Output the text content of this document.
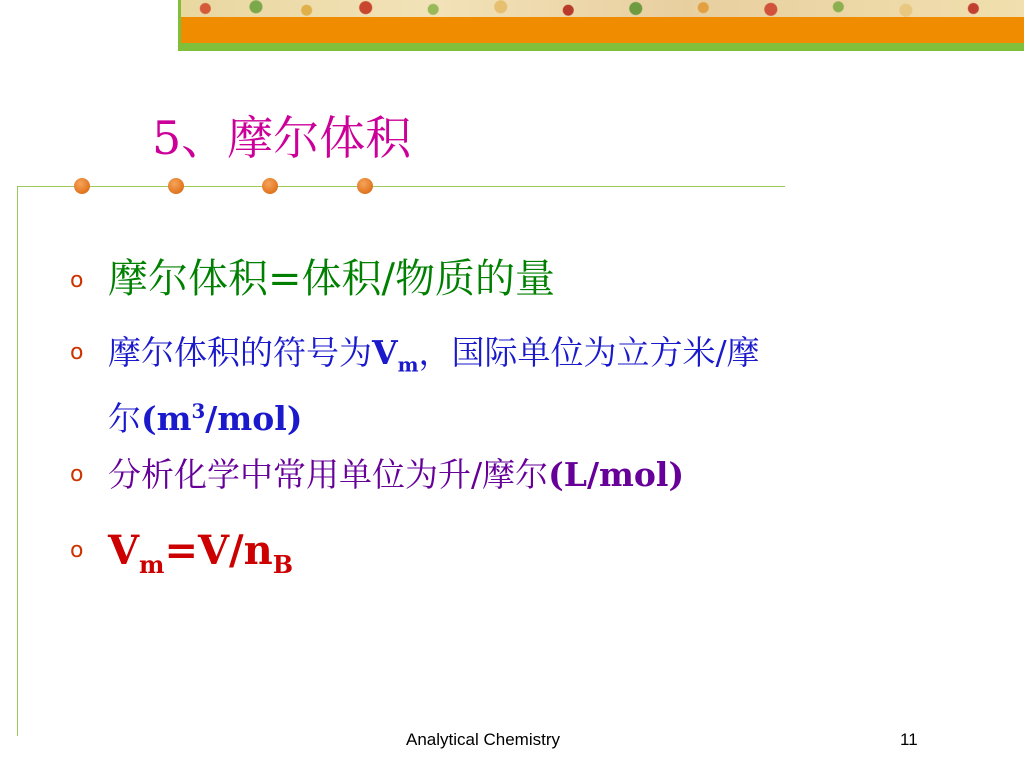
5、摩尔体积
o 摩尔体积=体积/物质的量
o 摩尔体积的符号为$V_m$，国际单位为立方米/摩
尔$(m^3/mol)$
o 分析化学中常用单位为升/摩尔(L/mol)
o $V_m=V/n_B$
Analytical Chemistry	11
